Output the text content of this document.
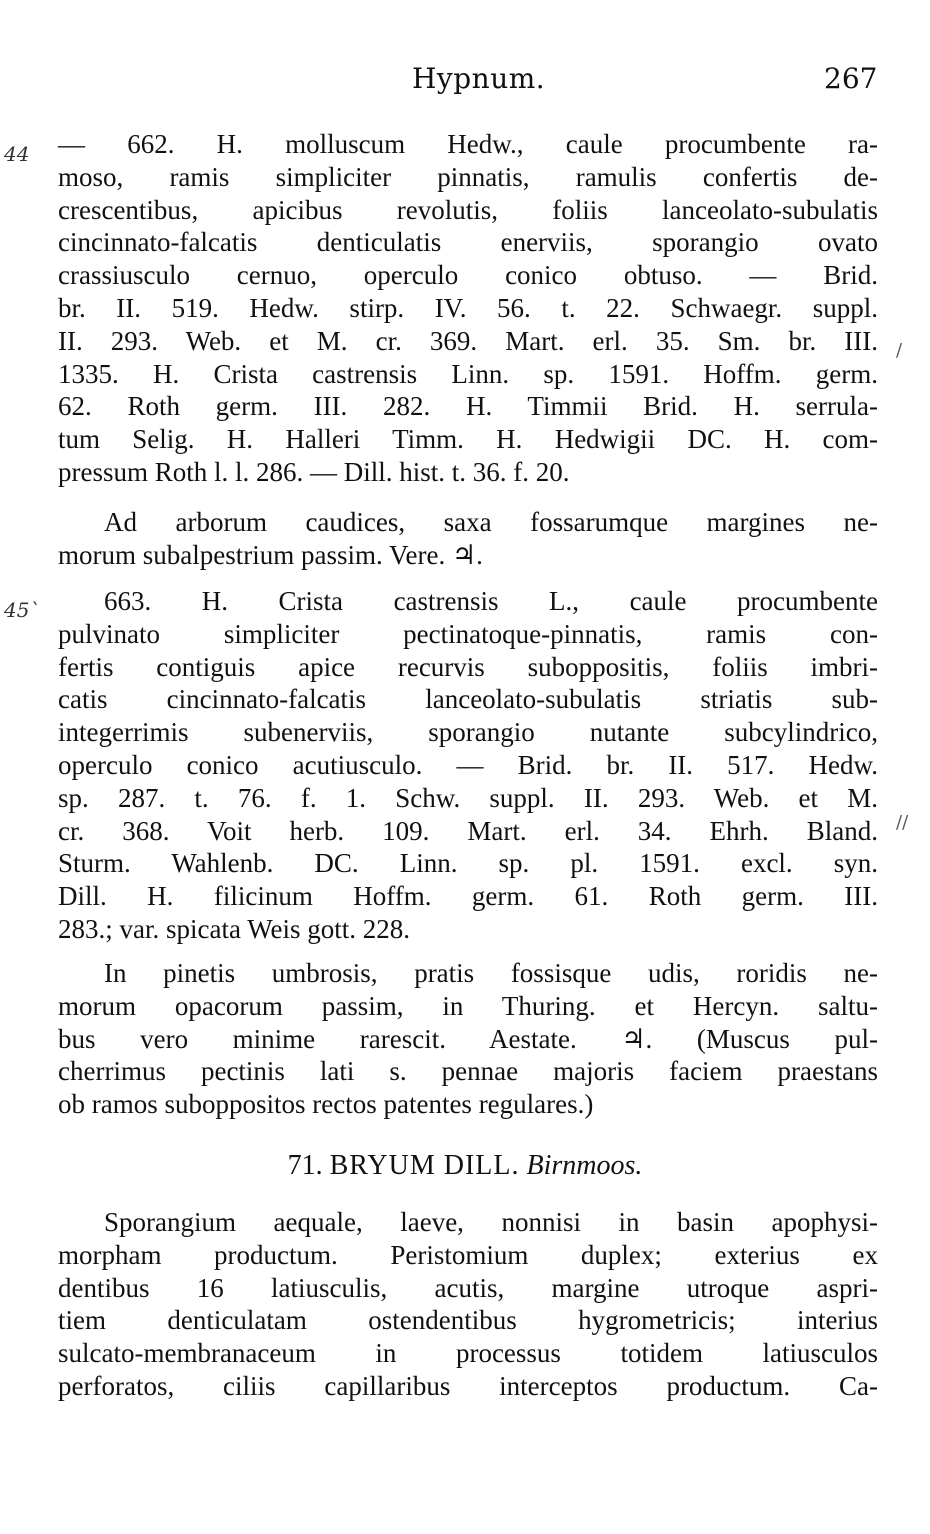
Hypnum.	267
44
45`
/
//
— 662. H. molluscum Hedw., caule procumbente ra-
moso, ramis simpliciter pinnatis, ramulis confertis de-
crescentibus, apicibus revolutis, foliis lanceolato-subulatis
cincinnato-falcatis denticulatis enerviis, sporangio ovato
crassiusculo cernuo, operculo conico obtuso. — Brid.
br. II. 519. Hedw. stirp. IV. 56. t. 22. Schwaegr. suppl.
II. 293. Web. et M. cr. 369. Mart. erl. 35. Sm. br. III.
1335. H. Crista castrensis Linn. sp. 1591. Hoffm. germ.
62. Roth germ. III. 282. H. Timmii Brid. H. serrula-
tum Selig. H. Halleri Timm. H. Hedwigii DC. H. com-
pressum Roth l. l. 286. — Dill. hist. t. 36. f. 20.
Ad arborum caudices, saxa fossarumque margines ne-
morum subalpestrium passim. Vere. ♃.
663. H. Crista castrensis L., caule procumbente
pulvinato simpliciter pectinatoque-pinnatis, ramis con-
fertis contiguis apice recurvis suboppositis, foliis imbri-
catis cincinnato-falcatis lanceolato-subulatis striatis sub-
integerrimis subenerviis, sporangio nutante subcylindrico,
operculo conico acutiusculo. — Brid. br. II. 517. Hedw.
sp. 287. t. 76. f. 1. Schw. suppl. II. 293. Web. et M.
cr. 368. Voit herb. 109. Mart. erl. 34. Ehrh. Bland.
Sturm. Wahlenb. DC. Linn. sp. pl. 1591. excl. syn.
Dill. H. filicinum Hoffm. germ. 61. Roth germ. III.
283.; var. spicata Weis gott. 228.
In pinetis umbrosis, pratis fossisque udis, roridis ne-
morum opacorum passim, in Thuring. et Hercyn. saltu-
bus vero minime rarescit. Aestate. ♃. (Muscus pul-
cherrimus pectinis lati s. pennae majoris faciem praestans
ob ramos suboppositos rectos patentes regulares.)
71. BRYUM DILL. Birnmoos.
Sporangium aequale, laeve, nonnisi in basin apophysi-
morpham productum. Peristomium duplex; exterius ex
dentibus 16 latiusculis, acutis, margine utroque aspri-
tiem denticulatam ostendentibus hygrometricis; interius
sulcato-membranaceum in processus totidem latiusculos
perforatos, ciliis capillaribus interceptos productum. Ca-
